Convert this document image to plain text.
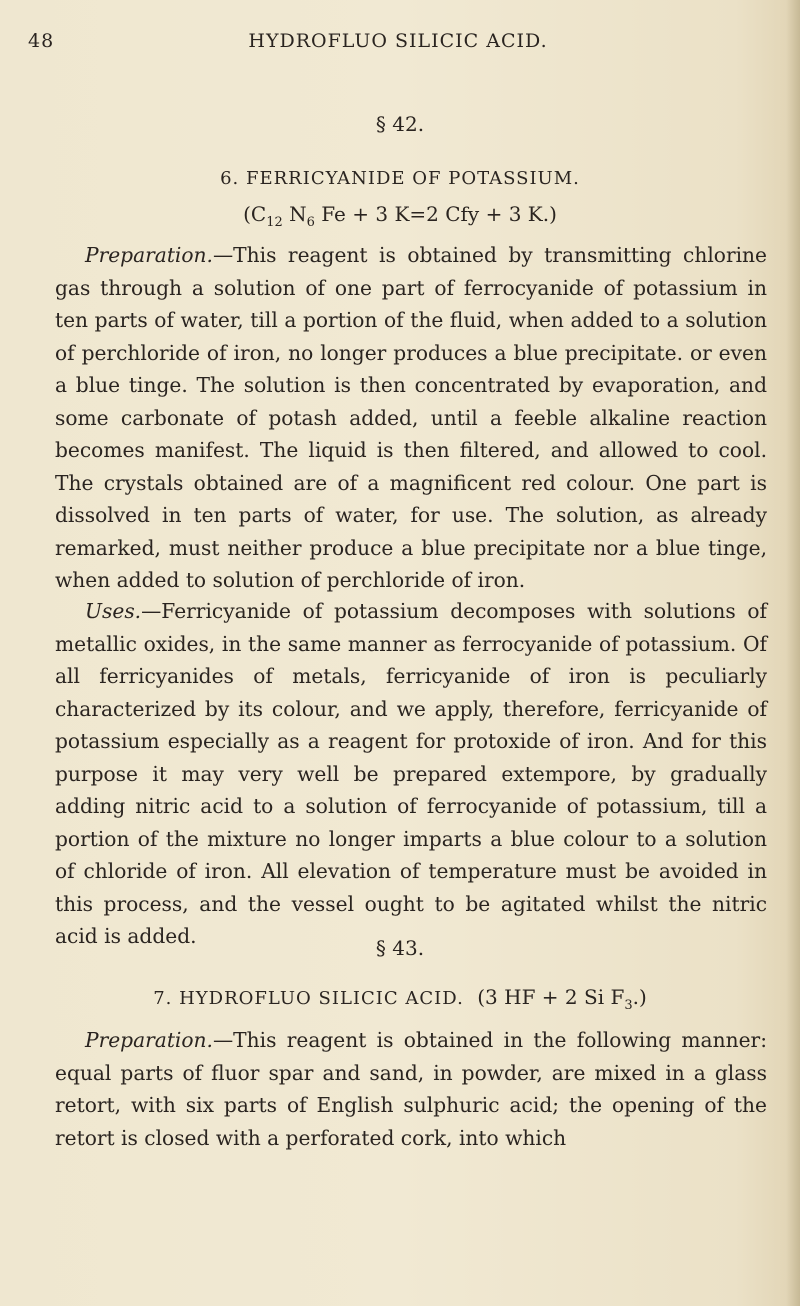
48	HYDROFLUO SILICIC ACID.
§ 42.
6. FERRICYANIDE OF POTASSIUM.
($C_{12}$ $N_6$ Fe + 3 K=2 Cfy + 3 K.)

Preparation.—This reagent is obtained by transmitting chlorine gas through a solution of one part of ferrocyanide of potassium in ten parts of water, till a portion of the fluid, when added to a solution of perchloride of iron, no longer produces a blue precipitate. or even a blue tinge. The solution is then concentrated by evaporation, and some carbonate of potash added, until a feeble alkaline reaction becomes manifest. The liquid is then filtered, and allowed to cool. The crystals obtained are of a magnificent red colour. One part is dissolved in ten parts of water, for use. The solution, as already remarked, must neither produce a blue precipitate nor a blue tinge, when added to solution of perchloride of iron.

Uses.—Ferricyanide of potassium decomposes with solutions of metallic oxides, in the same manner as ferrocyanide of potassium. Of all ferricyanides of metals, ferricyanide of iron is peculiarly characterized by its colour, and we apply, therefore, ferricyanide of potassium especially as a reagent for protoxide of iron. And for this purpose it may very well be prepared extempore, by gradually adding nitric acid to a solution of ferrocyanide of potassium, till a portion of the mixture no longer imparts a blue colour to a solution of chloride of iron. All elevation of temperature must be avoided in this process, and the vessel ought to be agitated whilst the nitric acid is added.	§ 43.
7. HYDROFLUO SILICIC ACID. (3 HF + 2 Si $F_3$.)

Preparation.—This reagent is obtained in the following manner: equal parts of fluor spar and sand, in powder, are mixed in a glass retort, with six parts of English sulphuric acid; the opening of the retort is closed with a perforated cork, into which
